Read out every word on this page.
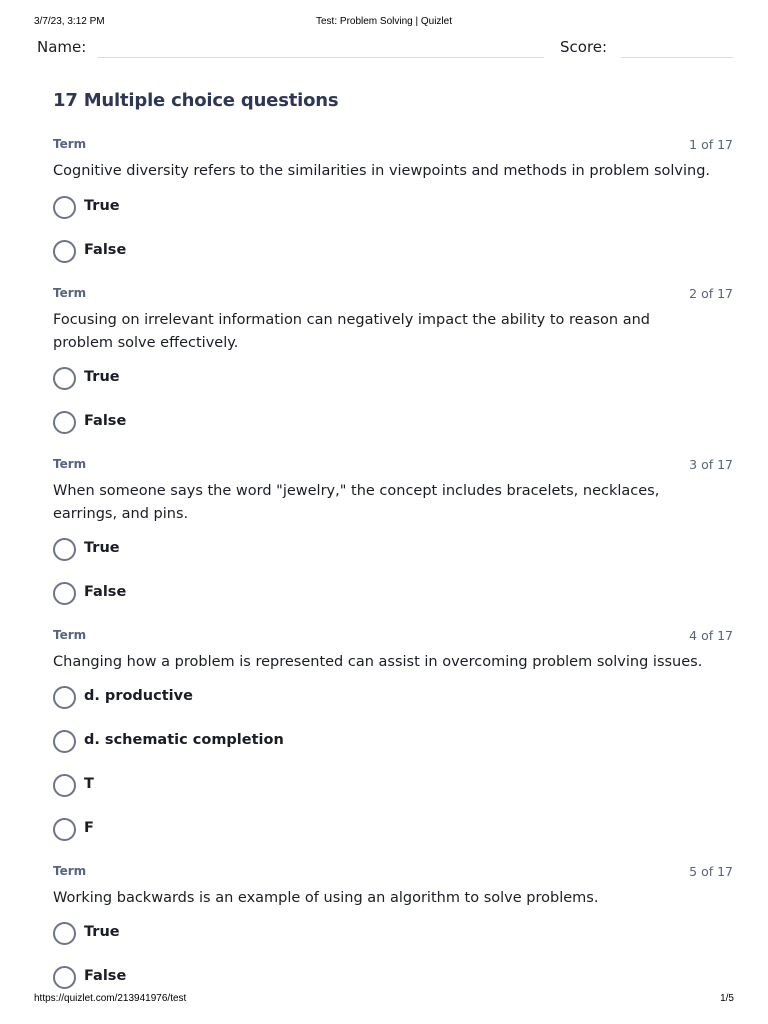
3/7/23, 3:12 PM	Test: Problem Solving | Quizlet
Name:	Score:
17 Multiple choice questions
Term	1 of 17
Cognitive diversity refers to the similarities in viewpoints and methods in problem solving.
True
False
Term	2 of 17
Focusing on irrelevant information can negatively impact the ability to reason and problem solve effectively.
True
False
Term	3 of 17
When someone says the word "jewelry," the concept includes bracelets, necklaces, earrings, and pins.
True
False
Term	4 of 17
Changing how a problem is represented can assist in overcoming problem solving issues.
d. productive
d. schematic completion
T
F
Term	5 of 17
Working backwards is an example of using an algorithm to solve problems.
True
False
https://quizlet.com/213941976/test	1/5
